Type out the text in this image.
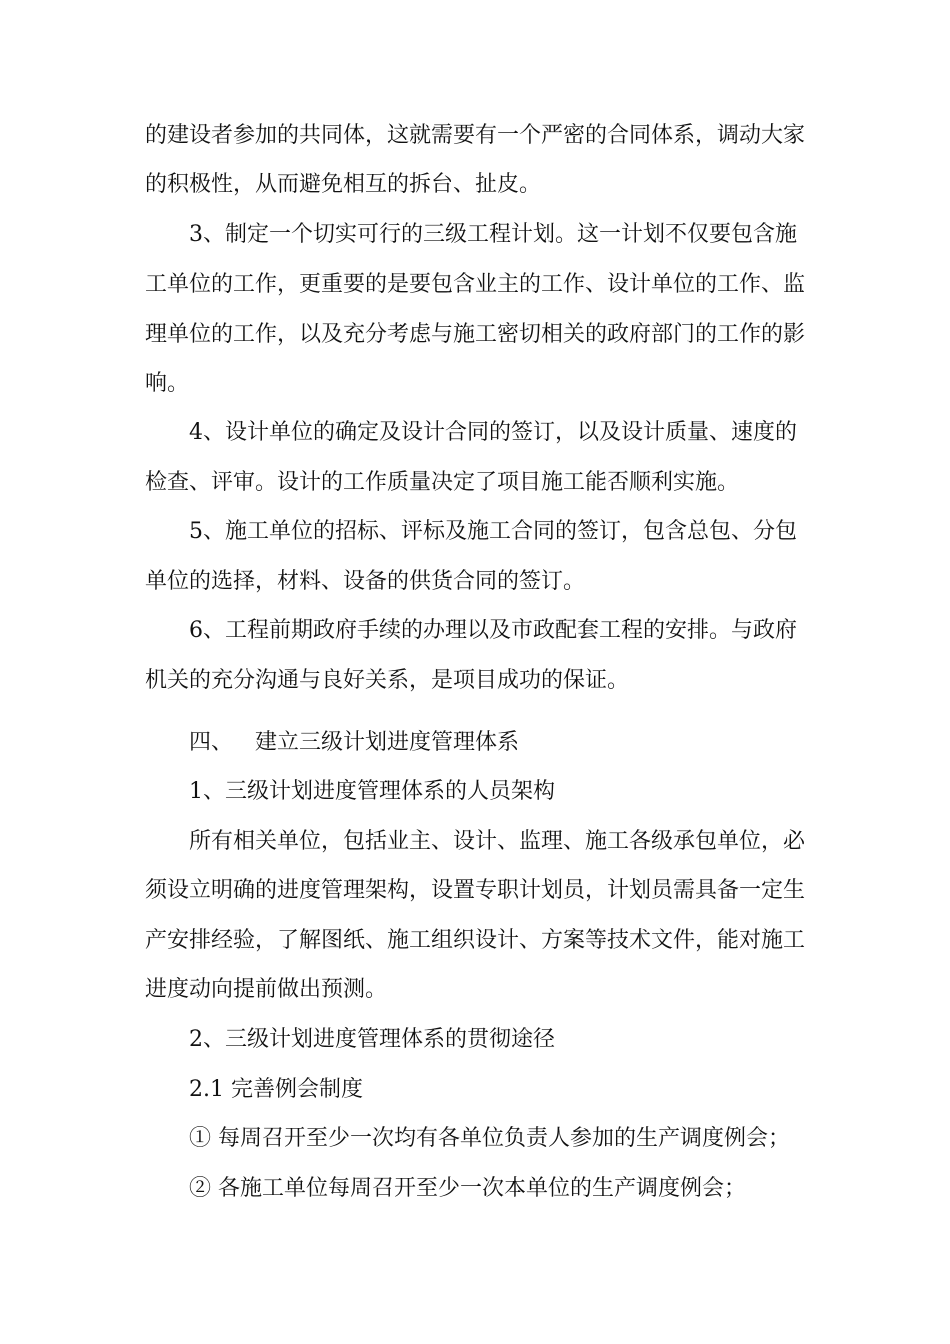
的建设者参加的共同体，这就需要有一个严密的合同体系，调动大家
的积极性，从而避免相互的拆台、扯皮。
3、制定一个切实可行的三级工程计划。这一计划不仅要包含施
工单位的工作，更重要的是要包含业主的工作、设计单位的工作、监
理单位的工作，以及充分考虑与施工密切相关的政府部门的工作的影
响。
4、设计单位的确定及设计合同的签订，以及设计质量、速度的
检查、评审。设计的工作质量决定了项目施工能否顺利实施。
5、施工单位的招标、评标及施工合同的签订，包含总包、分包
单位的选择，材料、设备的供货合同的签订。
6、工程前期政府手续的办理以及市政配套工程的安排。与政府
机关的充分沟通与良好关系，是项目成功的保证。
四、 建立三级计划进度管理体系
1、三级计划进度管理体系的人员架构
所有相关单位，包括业主、设计、监理、施工各级承包单位，必
须设立明确的进度管理架构，设置专职计划员，计划员需具备一定生
产安排经验，了解图纸、施工组织设计、方案等技术文件，能对施工
进度动向提前做出预测。
2、三级计划进度管理体系的贯彻途径
2.1 完善例会制度
① 每周召开至少一次均有各单位负责人参加的生产调度例会；
② 各施工单位每周召开至少一次本单位的生产调度例会；
